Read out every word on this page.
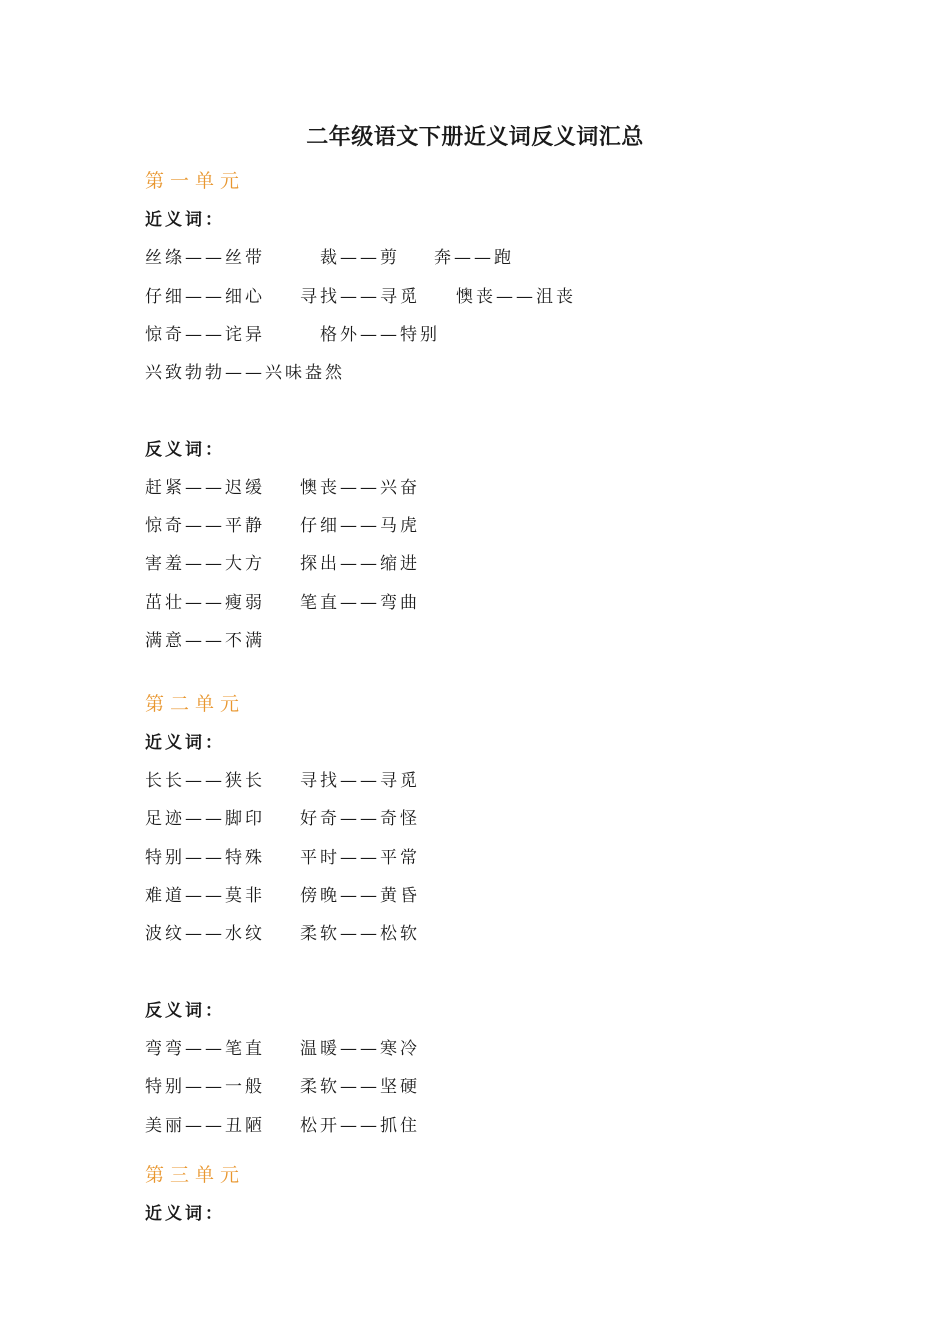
二年级语文下册近义词反义词汇总
第一单元
近义词：
丝绦——丝带	裁——剪 奔——跑
仔细——细心 寻找——寻觅 懊丧——沮丧
惊奇——诧异	格外——特别
兴致勃勃——兴味盎然
反义词：
赶紧——迟缓 懊丧——兴奋
惊奇——平静 仔细——马虎
害羞——大方 探出——缩进
茁壮——瘦弱 笔直——弯曲
满意——不满
第二单元
近义词：
长长——狭长 寻找——寻觅
足迹——脚印 好奇——奇怪
特别——特殊 平时——平常
难道——莫非 傍晚——黄昏
波纹——水纹 柔软——松软
反义词：
弯弯——笔直 温暖——寒冷
特别——一般 柔软——坚硬
美丽——丑陋 松开——抓住
第三单元
近义词：
